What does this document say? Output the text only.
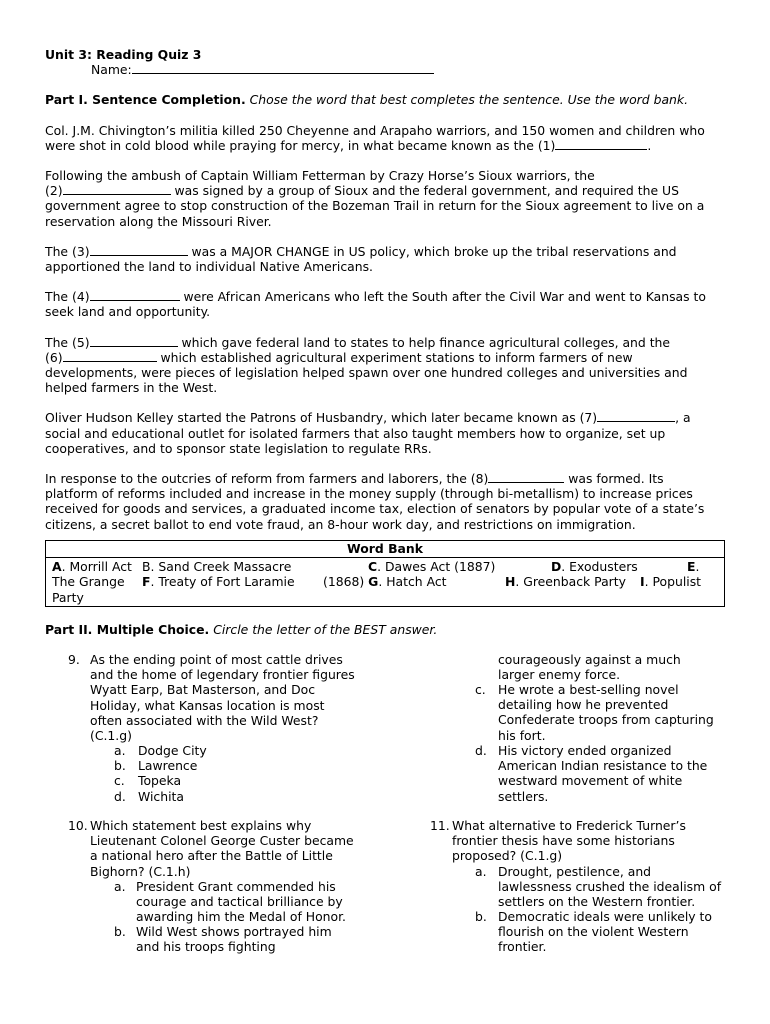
Unit 3: Reading Quiz 3

Name:

Part I. Sentence Completion. Chose the word that best completes the sentence. Use the word bank.

Col. J.M. Chivington’s militia killed 250 Cheyenne and Arapaho warriors, and 150 women and children who

were shot in cold blood while praying for mercy, in what became known as the (1)	.

Following the ambush of Captain William Fetterman by Crazy Horse’s Sioux warriors, the

(2)	was signed by a group of Sioux and the federal government, and required the US

government agree to stop construction of the Bozeman Trail in return for the Sioux agreement to live on a

reservation along the Missouri River.

The (3)	was a MAJOR CHANGE in US policy, which broke up the tribal reservations and

apportioned the land to individual Native Americans.

The (4)	were African Americans who left the South after the Civil War and went to Kansas to

seek land and opportunity.

The (5)	which gave federal land to states to help finance agricultural colleges, and the

(6)	which established agricultural experiment stations to inform farmers of new

developments, were pieces of legislation helped spawn over one hundred colleges and universities and

helped farmers in the West.

Oliver Hudson Kelley started the Patrons of Husbandry, which later became known as (7)	, a

social and educational outlet for isolated farmers that also taught members how to organize, set up

cooperatives, and to sponsor state legislation to regulate RRs.

In response to the outcries of reform from farmers and laborers, the (8)	was formed. Its

platform of reforms included and increase in the money supply (through bi-metallism) to increase prices

received for goods and services, a graduated income tax, election of senators by popular vote of a state’s

citizens, a secret ballot to end vote fraud, an 8-hour work day, and restrictions on immigration.

Word Bank
A. Morrill Act B. Sand Creek Massacre	C. Dawes Act (1887)	D. Exodusters	E.
The Grange F. Treaty of Fort Laramie (1868) G. Hatch Act	H. Greenback Party I. Populist
Party

Part II. Multiple Choice. Circle the letter of the BEST answer.

9. As the ending point of most cattle drives

and the home of legendary frontier figures

Wyatt Earp, Bat Masterson, and Doc

Holiday, what Kansas location is most

often associated with the Wild West?

(C.1.g)

a. Dodge City

b. Lawrence

c. Topeka

d. Wichita

10. Which statement best explains why

Lieutenant Colonel George Custer became

a national hero after the Battle of Little

Bighorn? (C.1.h)

a. President Grant commended his

courage and tactical brilliance by

awarding him the Medal of Honor.

b. Wild West shows portrayed him

and his troops fighting

courageously against a much

larger enemy force.

c. He wrote a best-selling novel

detailing how he prevented

Confederate troops from capturing

his fort.

d. His victory ended organized

American Indian resistance to the

westward movement of white

settlers.

11. What alternative to Frederick Turner’s

frontier thesis have some historians

proposed? (C.1.g)

a. Drought, pestilence, and

lawlessness crushed the idealism of

settlers on the Western frontier.

b. Democratic ideals were unlikely to

flourish on the violent Western

frontier.
